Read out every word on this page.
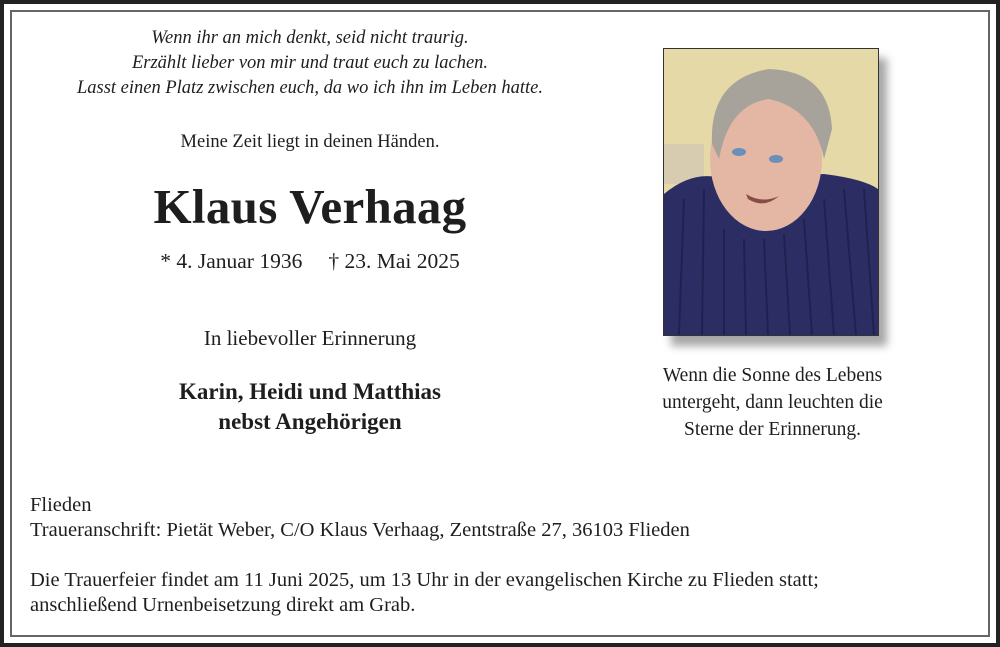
Wenn ihr an mich denkt, seid nicht traurig.
Erzählt lieber von mir und traut euch zu lachen.
Lasst einen Platz zwischen euch, da wo ich ihn im Leben hatte.
Meine Zeit liegt in deinen Händen.
Klaus Verhaag
* 4. Januar 1936 † 23. Mai 2025
In liebevoller Erinnerung
Karin, Heidi und Matthias
nebst Angehörigen
Wenn die Sonne des Lebens
untergeht, dann leuchten die
Sterne der Erinnerung.
Flieden
Traueranschrift: Pietät Weber, C/O Klaus Verhaag, Zentstraße 27, 36103 Flieden
Die Trauerfeier findet am 11 Juni 2025, um 13 Uhr in der evangelischen Kirche zu Flieden statt;
anschließend Urnenbeisetzung direkt am Grab.
